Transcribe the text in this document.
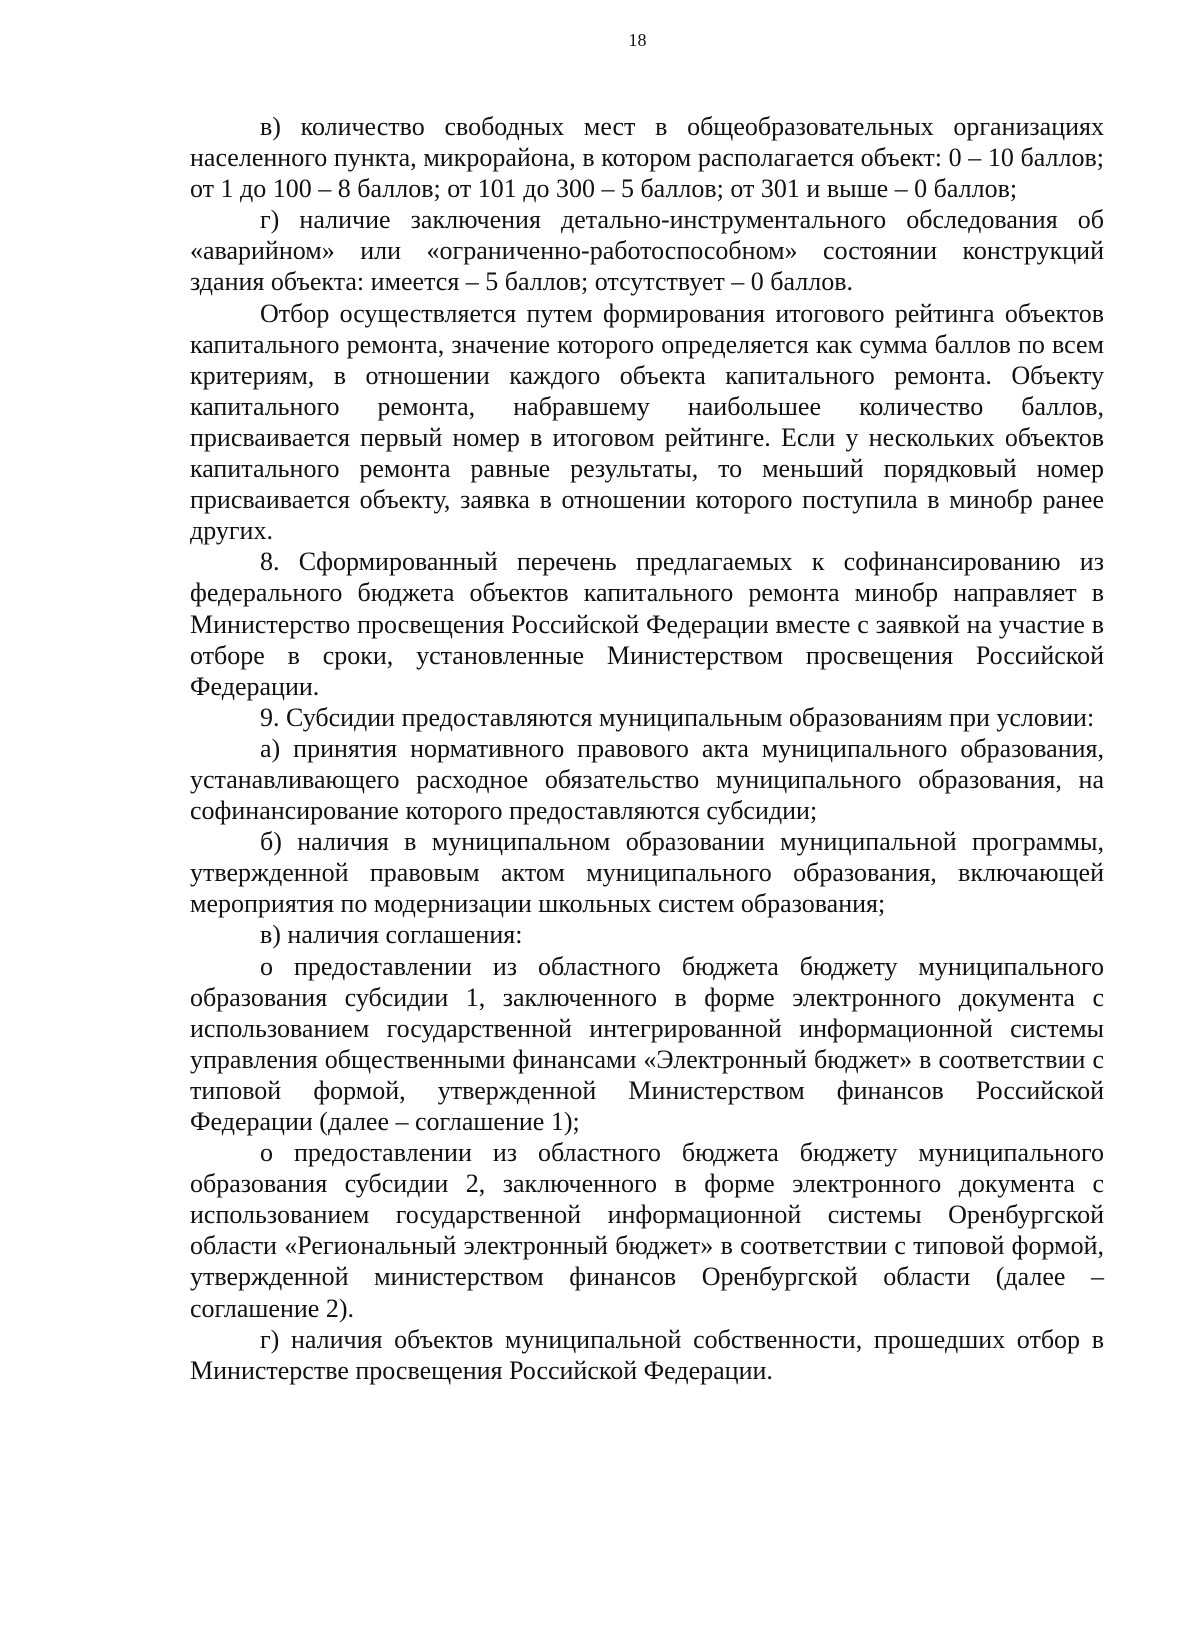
18

в) количество свободных мест в общеобразовательных организациях населенного пункта, микрорайона, в котором располагается объект: 0 – 10 баллов; от 1 до 100 – 8 баллов; от 101 до 300 – 5 баллов; от 301 и выше – 0 баллов;

г) наличие заключения детально-инструментального обследования об «аварийном» или «ограниченно-работоспособном» состоянии конструкций здания объекта: имеется – 5 баллов; отсутствует – 0 баллов.

Отбор осуществляется путем формирования итогового рейтинга объектов капитального ремонта, значение которого определяется как сумма баллов по всем критериям, в отношении каждого объекта капитального ремонта. Объекту капитального ремонта, набравшему наибольшее количество баллов, присваивается первый номер в итоговом рейтинге. Если у нескольких объектов капитального ремонта равные результаты, то меньший порядковый номер присваивается объекту, заявка в отношении которого поступила в минобр ранее других.

8. Сформированный перечень предлагаемых к софинансированию из федерального бюджета объектов капитального ремонта минобр направляет в Министерство просвещения Российской Федерации вместе с заявкой на участие в отборе в сроки, установленные Министерством просвещения Российской Федерации.

9. Субсидии предоставляются муниципальным образованиям при условии:

а) принятия нормативного правового акта муниципального образования, устанавливающего расходное обязательство муниципального образования, на софинансирование которого предоставляются субсидии;

б) наличия в муниципальном образовании муниципальной программы, утвержденной правовым актом муниципального образования, включающей мероприятия по модернизации школьных систем образования;

в) наличия соглашения:

о предоставлении из областного бюджета бюджету муниципального образования субсидии 1, заключенного в форме электронного документа с использованием государственной интегрированной информационной системы управления общественными финансами «Электронный бюджет» в соответствии с типовой формой, утвержденной Министерством финансов Российской Федерации (далее – соглашение 1);

о предоставлении из областного бюджета бюджету муниципального образования субсидии 2, заключенного в форме электронного документа с использованием государственной информационной системы Оренбургской области «Региональный электронный бюджет» в соответствии с типовой формой, утвержденной министерством финансов Оренбургской области (далее – соглашение 2).

г) наличия объектов муниципальной собственности, прошедших отбор в Министерстве просвещения Российской Федерации.
